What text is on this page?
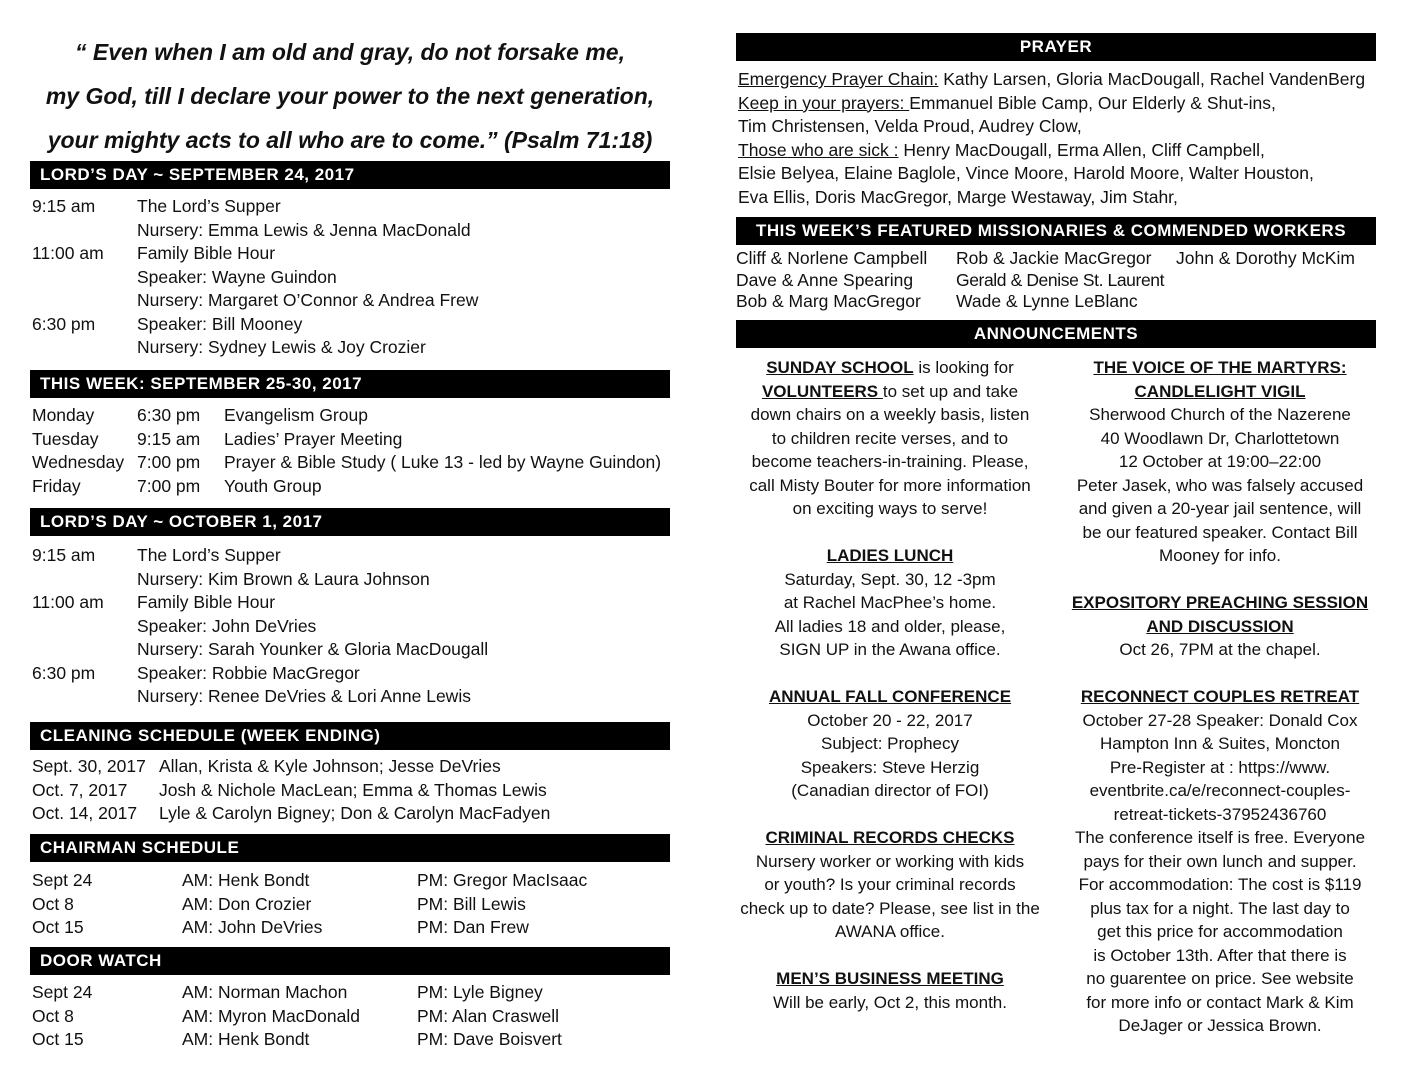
“ Even when I am old and gray, do not forsake me,
my God, till I declare your power to the next generation,
your mighty acts to all who are to come.” (Psalm 71:18)
LORD’S DAY ~ SEPTEMBER 24, 2017
9:15 am The Lord’s Supper
Nursery: Emma Lewis & Jenna MacDonald
11:00 am Family Bible Hour
Speaker: Wayne Guindon
Nursery: Margaret O’Connor & Andrea Frew
6:30 pm Speaker: Bill Mooney
Nursery: Sydney Lewis & Joy Crozier
THIS WEEK: SEPTEMBER 25-30, 2017
Monday 6:30 pm Evangelism Group
Tuesday 9:15 am Ladies’ Prayer Meeting
Wednesday 7:00 pm Prayer & Bible Study ( Luke 13 - led by Wayne Guindon)
Friday	7:00 pm Youth Group
LORD’S DAY ~ OCTOBER 1, 2017
9:15 am The Lord’s Supper
Nursery: Kim Brown & Laura Johnson
11:00 am Family Bible Hour
Speaker: John DeVries
Nursery: Sarah Younker & Gloria MacDougall
6:30 pm Speaker: Robbie MacGregor
Nursery: Renee DeVries & Lori Anne Lewis
CLEANING SCHEDULE (WEEK ENDING)
Sept. 30, 2017 Allan, Krista & Kyle Johnson; Jesse DeVries
Oct. 7, 2017 Josh & Nichole MacLean; Emma & Thomas Lewis
Oct. 14, 2017 Lyle & Carolyn Bigney; Don & Carolyn MacFadyen
CHAIRMAN SCHEDULE
Sept 24	AM: Henk Bondt	PM: Gregor MacIsaac
Oct 8	AM: Don Crozier	PM: Bill Lewis
Oct 15	AM: John DeVries	PM: Dan Frew
DOOR WATCH
Sept 24	AM: Norman Machon	PM: Lyle Bigney
Oct 8	AM: Myron MacDonald	PM: Alan Craswell
Oct 15	AM: Henk Bondt	PM: Dave Boisvert
PRAYER
Emergency Prayer Chain: Kathy Larsen, Gloria MacDougall, Rachel VandenBerg
Keep in your prayers: Emmanuel Bible Camp, Our Elderly & Shut-ins,
Tim Christensen, Velda Proud, Audrey Clow,
Those who are sick : Henry MacDougall, Erma Allen, Cliff Campbell,
Elsie Belyea, Elaine Baglole, Vince Moore, Harold Moore, Walter Houston,
Eva Ellis, Doris MacGregor, Marge Westaway, Jim Stahr,
THIS WEEK’S FEATURED MISSIONARIES & COMMENDED WORKERS
Cliff & Norlene Campbell Rob & Jackie MacGregor John & Dorothy McKim
Dave & Anne Spearing Gerald & Denise St. Laurent
Bob & Marg MacGregor Wade & Lynne LeBlanc
ANNOUNCEMENTS

SUNDAY SCHOOL is looking for
VOLUNTEERS to set up and take
down chairs on a weekly basis, listen
to children recite verses, and to
become teachers-in-training. Please,
call Misty Bouter for more information
on exciting ways to serve!

LADIES LUNCH
Saturday, Sept. 30, 12 -3pm
at Rachel MacPhee’s home.
All ladies 18 and older, please,
SIGN UP in the Awana office.

ANNUAL FALL CONFERENCE
October 20 - 22, 2017
Subject: Prophecy
Speakers: Steve Herzig
(Canadian director of FOI)

CRIMINAL RECORDS CHECKS
Nursery worker or working with kids
or youth? Is your criminal records
check up to date? Please, see list in the
AWANA office.

MEN’S BUSINESS MEETING
Will be early, Oct 2, this month.

THE VOICE OF THE MARTYRS:
CANDLELIGHT VIGIL
Sherwood Church of the Nazerene
40 Woodlawn Dr, Charlottetown
12 October at 19:00–22:00
Peter Jasek, who was falsely accused
and given a 20-year jail sentence, will
be our featured speaker. Contact Bill
Mooney for info.

EXPOSITORY PREACHING SESSION
AND DISCUSSION
Oct 26, 7PM at the chapel.

RECONNECT COUPLES RETREAT
October 27-28 Speaker: Donald Cox
Hampton Inn & Suites, Moncton
Pre-Register at : https://www.
eventbrite.ca/e/reconnect-couples-
retreat-tickets-37952436760
The conference itself is free. Everyone
pays for their own lunch and supper.
For accommodation: The cost is $119
plus tax for a night. The last day to
get this price for accommodation
is October 13th. After that there is
no guarentee on price. See website
for more info or contact Mark & Kim
DeJager or Jessica Brown.
